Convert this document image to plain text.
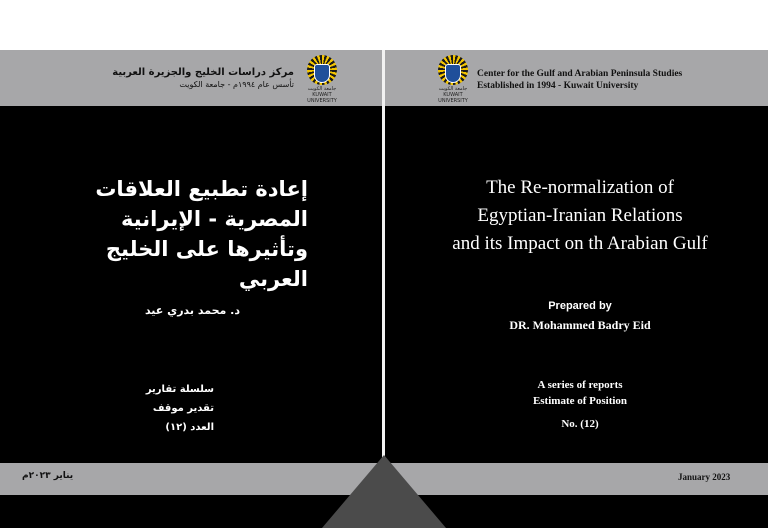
جامعة الكويت
KUWAIT UNIVERSITY
مركز دراسات الخليج والجزيرة العربية
تأسس عام ١٩٩٤م - جامعة الكويت	جامعة الكويت
KUWAIT UNIVERSITY
Center for the Gulf and Arabian Peninsula Studies
Established in 1994 - Kuwait University
إعادة تطبيع العلاقات
المصرية - الإيرانية
وتأثيرها على الخليج العربي
د. محمد بدري عيد
سلسلة تقارير
تقدير موقف
العدد (١٢)
يناير ٢٠٢٣م
The Re-normalization of
Egyptian-Iranian Relations
and its Impact on th Arabian Gulf
Prepared by
DR. Mohammed Badry Eid
A series of reports
Estimate of Position
No. (12)
January 2023
